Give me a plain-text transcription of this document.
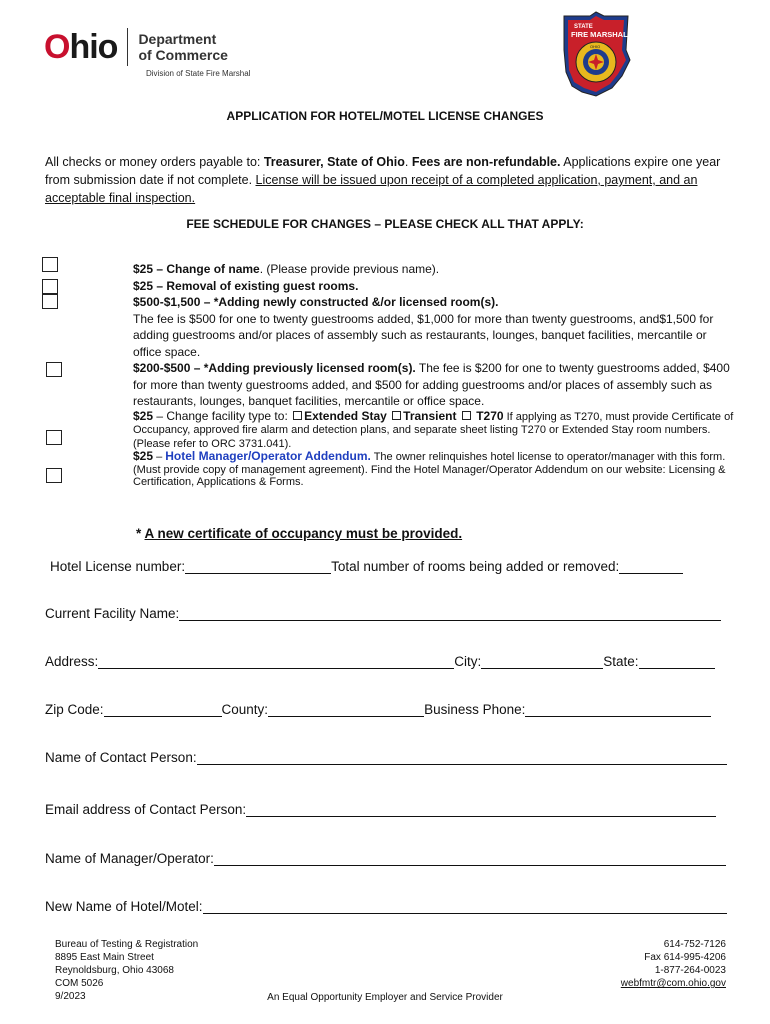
Ohio Department
of Commerce
Division of State Fire Marshal
STATE
FIRE MARSHAL
OHIO
APPLICATION FOR HOTEL/MOTEL LICENSE CHANGES
All checks or money orders payable to: Treasurer, State of Ohio. Fees are non-refundable. Applications expire one year from submission date if not complete. License will be issued upon receipt of a completed application, payment, and an acceptable final inspection.
FEE SCHEDULE FOR CHANGES – PLEASE CHECK ALL THAT APPLY:
$25 – Change of name. (Please provide previous name).
$25 – Removal of existing guest rooms.
$500-$1,500 – *Adding newly constructed &/or licensed room(s).
The fee is $500 for one to twenty guestrooms added, $1,000 for more than twenty guestrooms, and$1,500 for adding guestrooms and/or places of assembly such as restaurants, lounges, banquet facilities, mercantile or office space.
$200-$500 – *Adding previously licensed room(s). The fee is $200 for one to twenty guestrooms added, $400 for more than twenty guestrooms added, and $500 for adding guestrooms and/or places of assembly such as restaurants, lounges, banquet facilities, mercantile or office space.
$25 – Change facility type to: Extended Stay Transient T270 If applying as T270, must provide Certificate of Occupancy, approved fire alarm and detection plans, and separate sheet listing T270 or Extended Stay room numbers. (Please refer to ORC 3731.041).
$25 – Hotel Manager/Operator Addendum. The owner relinquishes hotel license to operator/manager with this form. (Must provide copy of management agreement). Find the Hotel Manager/Operator Addendum on our website: Licensing & Certification, Applications & Forms.
* A new certificate of occupancy must be provided.
Hotel License number:	Total number of rooms being added or removed:
Current Facility Name:
Address:	City:	State:
Zip Code:	County:	Business Phone:
Name of Contact Person:
Email address of Contact Person:
Name of Manager/Operator:
New Name of Hotel/Motel:
Bureau of Testing & Registration
8895 East Main Street
Reynoldsburg, Ohio 43068
COM 5026
9/2023	An Equal Opportunity Employer and Service Provider
614-752-7126
Fax 614-995-4206
1-877-264-0023
webfmtr@com.ohio.gov
